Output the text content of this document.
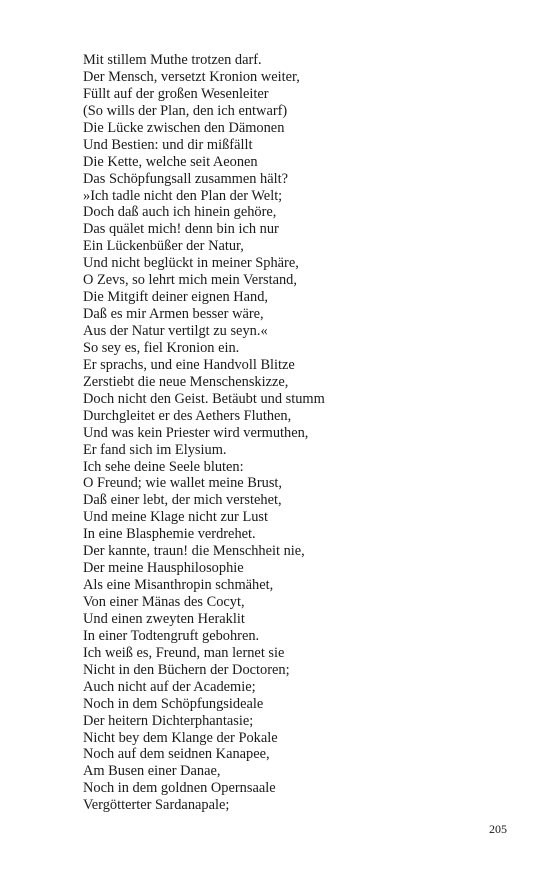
Mit stillem Muthe trotzen darf.
Der Mensch, versetzt Kronion weiter,
Füllt auf der großen Wesenleiter
(So wills der Plan, den ich entwarf)
Die Lücke zwischen den Dämonen
Und Bestien: und dir mißfällt
Die Kette, welche seit Aeonen
Das Schöpfungsall zusammen hält?
»Ich tadle nicht den Plan der Welt;
Doch daß auch ich hinein gehöre,
Das quälet mich! denn bin ich nur
Ein Lückenbüßer der Natur,
Und nicht beglückt in meiner Sphäre,
O Zevs, so lehrt mich mein Verstand,
Die Mitgift deiner eignen Hand,
Daß es mir Armen besser wäre,
Aus der Natur vertilgt zu seyn.«
So sey es, fiel Kronion ein.
Er sprachs, und eine Handvoll Blitze
Zerstiebt die neue Menschenskizze,
Doch nicht den Geist. Betäubt und stumm
Durchgleitet er des Aethers Fluthen,
Und was kein Priester wird vermuthen,
Er fand sich im Elysium.
Ich sehe deine Seele bluten:
O Freund; wie wallet meine Brust,
Daß einer lebt, der mich verstehet,
Und meine Klage nicht zur Lust
In eine Blasphemie verdrehet.
Der kannte, traun! die Menschheit nie,
Der meine Hausphilosophie
Als eine Misanthropin schmähet,
Von einer Mänas des Cocyt,
Und einen zweyten Heraklit
In einer Todtengruft gebohren.
Ich weiß es, Freund, man lernet sie
Nicht in den Büchern der Doctoren;
Auch nicht auf der Academie;
Noch in dem Schöpfungsideale
Der heitern Dichterphantasie;
Nicht bey dem Klange der Pokale
Noch auf dem seidnen Kanapee,
Am Busen einer Danae,
Noch in dem goldnen Opernsaale
Vergötterter Sardanapale;
205
